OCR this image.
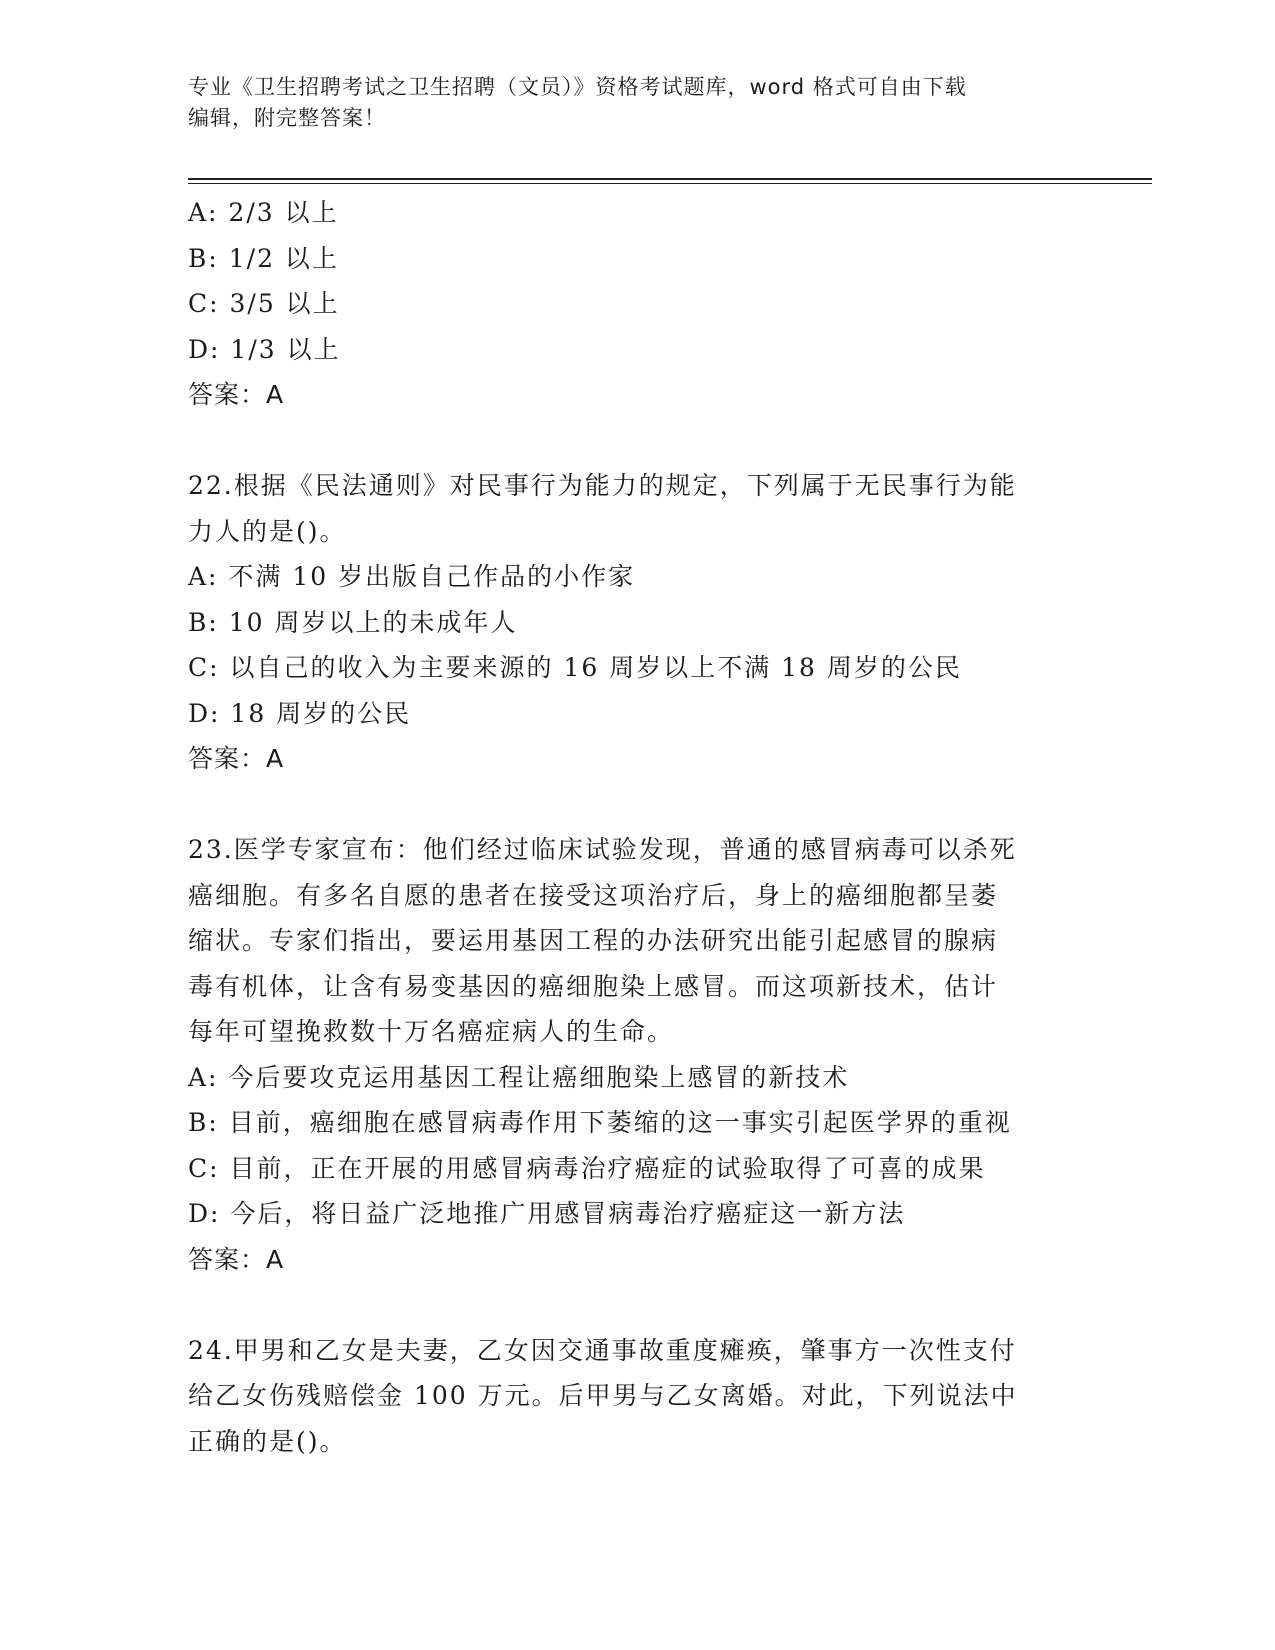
专业《卫生招聘考试之卫生招聘（文员）》资格考试题库，word 格式可自由下载
编辑，附完整答案！
A: 2/3 以上
B: 1/2 以上
C: 3/5 以上
D: 1/3 以上
答案：A
22.根据《民法通则》对民事行为能力的规定，下列属于无民事行为能
力人的是()。
A: 不满 10 岁出版自己作品的小作家
B: 10 周岁以上的未成年人
C: 以自己的收入为主要来源的 16 周岁以上不满 18 周岁的公民
D: 18 周岁的公民
答案：A
23.医学专家宣布：他们经过临床试验发现，普通的感冒病毒可以杀死
癌细胞。有多名自愿的患者在接受这项治疗后，身上的癌细胞都呈萎
缩状。专家们指出，要运用基因工程的办法研究出能引起感冒的腺病
毒有机体，让含有易变基因的癌细胞染上感冒。而这项新技术，估计
每年可望挽救数十万名癌症病人的生命。
A: 今后要攻克运用基因工程让癌细胞染上感冒的新技术
B: 目前，癌细胞在感冒病毒作用下萎缩的这一事实引起医学界的重视
C: 目前，正在开展的用感冒病毒治疗癌症的试验取得了可喜的成果
D: 今后，将日益广泛地推广用感冒病毒治疗癌症这一新方法
答案：A
24.甲男和乙女是夫妻，乙女因交通事故重度瘫痪，肇事方一次性支付
给乙女伤残赔偿金 100 万元。后甲男与乙女离婚。对此，下列说法中
正确的是()。
